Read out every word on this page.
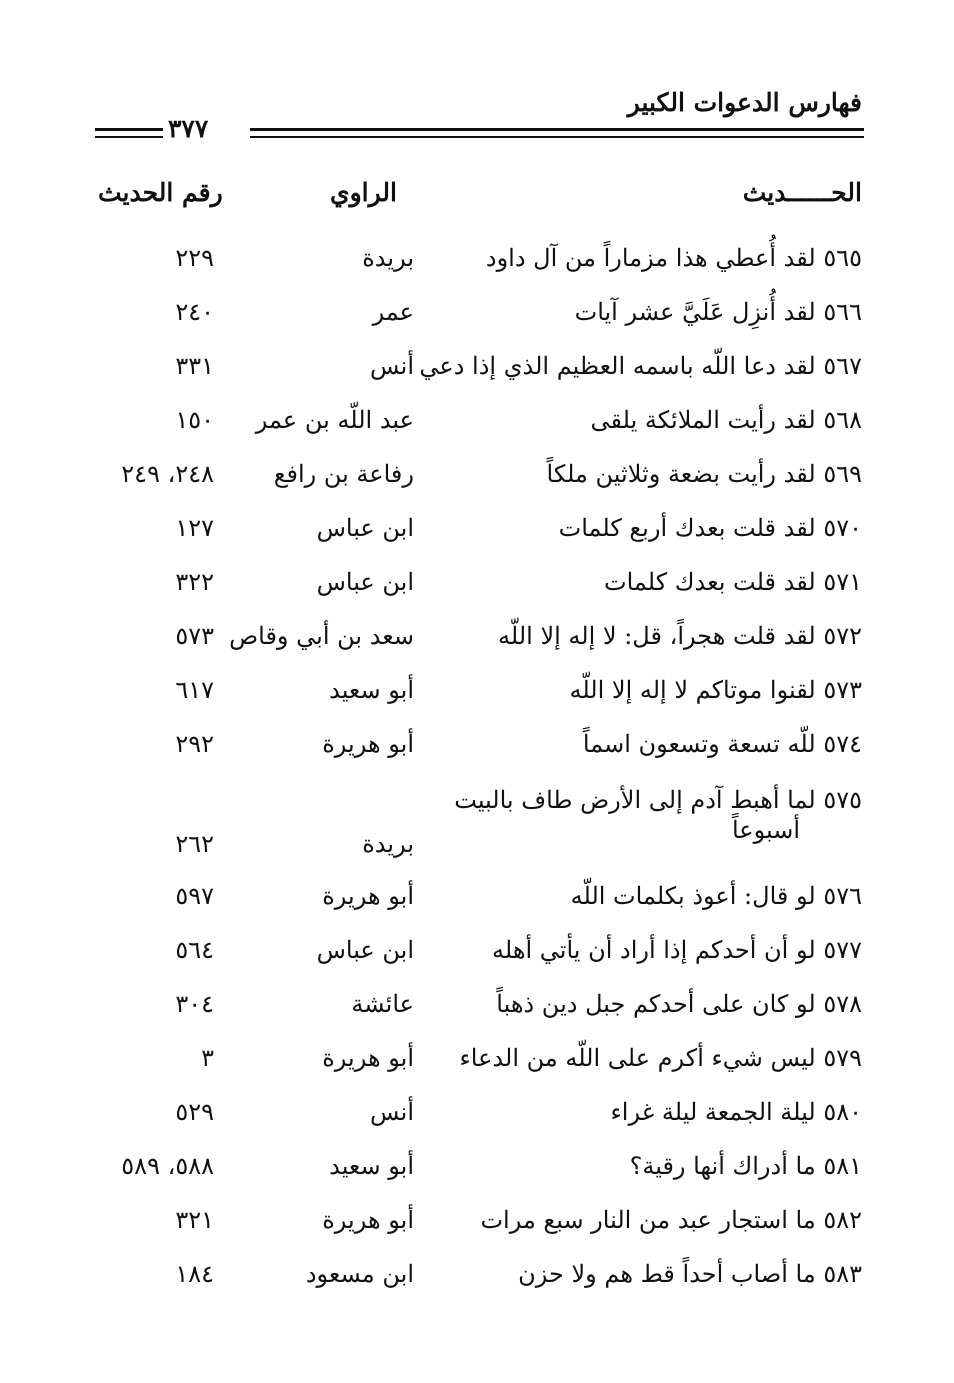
فهارس الدعوات الكبير
٣٧٧
الحــــــديث
الراوي
رقم الحديث
٥٦٥ لقد أُعطي هذا مزماراً من آل داود
بريدة
٢٢٩
٥٦٦ لقد أُنزِل عَلَيَّ عشر آيات
عمر
٢٤٠
٥٦٧ لقد دعا اللّه باسمه العظيم الذي إذا دعي
أنس
٣٣١
٥٦٨ لقد رأيت الملائكة يلقى
عبد اللّه بن عمر
١٥٠
٥٦٩ لقد رأيت بضعة وثلاثين ملكاً
رفاعة بن رافع
٢٤٨، ٢٤٩
٥٧٠ لقد قلت بعدك أربع كلمات
ابن عباس
١٢٧
٥٧١ لقد قلت بعدك كلمات
ابن عباس
٣٢٢
٥٧٢ لقد قلت هجراً، قل: لا إله إلا اللّه
سعد بن أبي وقاص
٥٧٣
٥٧٣ لقنوا موتاكم لا إله إلا اللّه
أبو سعيد
٦١٧
٥٧٤ للّه تسعة وتسعون اسماً
أبو هريرة
٢٩٢
٥٧٥ لما أهبط آدم إلى الأرض طاف بالبيت
أسبوعاً
بريدة
٢٦٢
٥٧٦ لو قال: أعوذ بكلمات اللّه
أبو هريرة
٥٩٧
٥٧٧ لو أن أحدكم إذا أراد أن يأتي أهله
ابن عباس
٥٦٤
٥٧٨ لو كان على أحدكم جبل دين ذهباً
عائشة
٣٠٤
٥٧٩ ليس شيء أكرم على اللّه من الدعاء
أبو هريرة
٣
٥٨٠ ليلة الجمعة ليلة غراء
أنس
٥٢٩
٥٨١ ما أدراك أنها رقية؟
أبو سعيد
٥٨٨، ٥٨٩
٥٨٢ ما استجار عبد من النار سبع مرات
أبو هريرة
٣٢١
٥٨٣ ما أصاب أحداً قط هم ولا حزن
ابن مسعود
١٨٤
